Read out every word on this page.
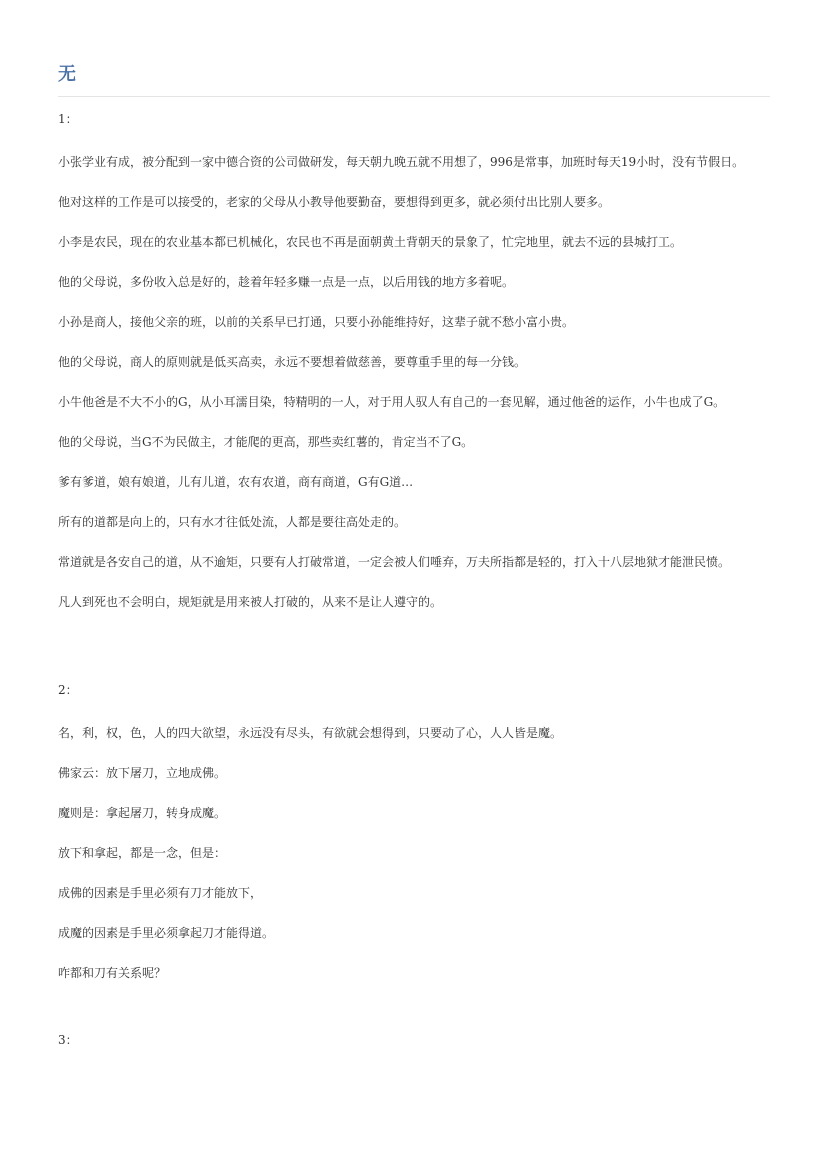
无

1：

小张学业有成，被分配到一家中德合资的公司做研发，每天朝九晚五就不用想了，996是常事，加班时每天19小时，没有节假日。

他对这样的工作是可以接受的，老家的父母从小教导他要勤奋，要想得到更多，就必须付出比别人要多。

小李是农民，现在的农业基本都已机械化，农民也不再是面朝黄土背朝天的景象了，忙完地里，就去不远的县城打工。

他的父母说，多份收入总是好的，趁着年轻多赚一点是一点，以后用钱的地方多着呢。

小孙是商人，接他父亲的班，以前的关系早已打通，只要小孙能维持好，这辈子就不愁小富小贵。

他的父母说，商人的原则就是低买高卖，永远不要想着做慈善，要尊重手里的每一分钱。

小牛他爸是不大不小的G，从小耳濡目染，特精明的一人，对于用人驭人有自己的一套见解，通过他爸的运作，小牛也成了G。

他的父母说，当G不为民做主，才能爬的更高，那些卖红薯的，肯定当不了G。

爹有爹道，娘有娘道，儿有儿道，农有农道，商有商道，G有G道…

所有的道都是向上的，只有水才往低处流，人都是要往高处走的。

常道就是各安自己的道，从不逾矩，只要有人打破常道，一定会被人们唾弃，万夫所指都是轻的，打入十八层地狱才能泄民愤。

凡人到死也不会明白，规矩就是用来被人打破的，从来不是让人遵守的。

2：

名，利，权，色，人的四大欲望，永远没有尽头，有欲就会想得到，只要动了心，人人皆是魔。

佛家云：放下屠刀，立地成佛。

魔则是：拿起屠刀，转身成魔。

放下和拿起，都是一念，但是：

成佛的因素是手里必须有刀才能放下，

成魔的因素是手里必须拿起刀才能得道。

咋都和刀有关系呢？

3：
